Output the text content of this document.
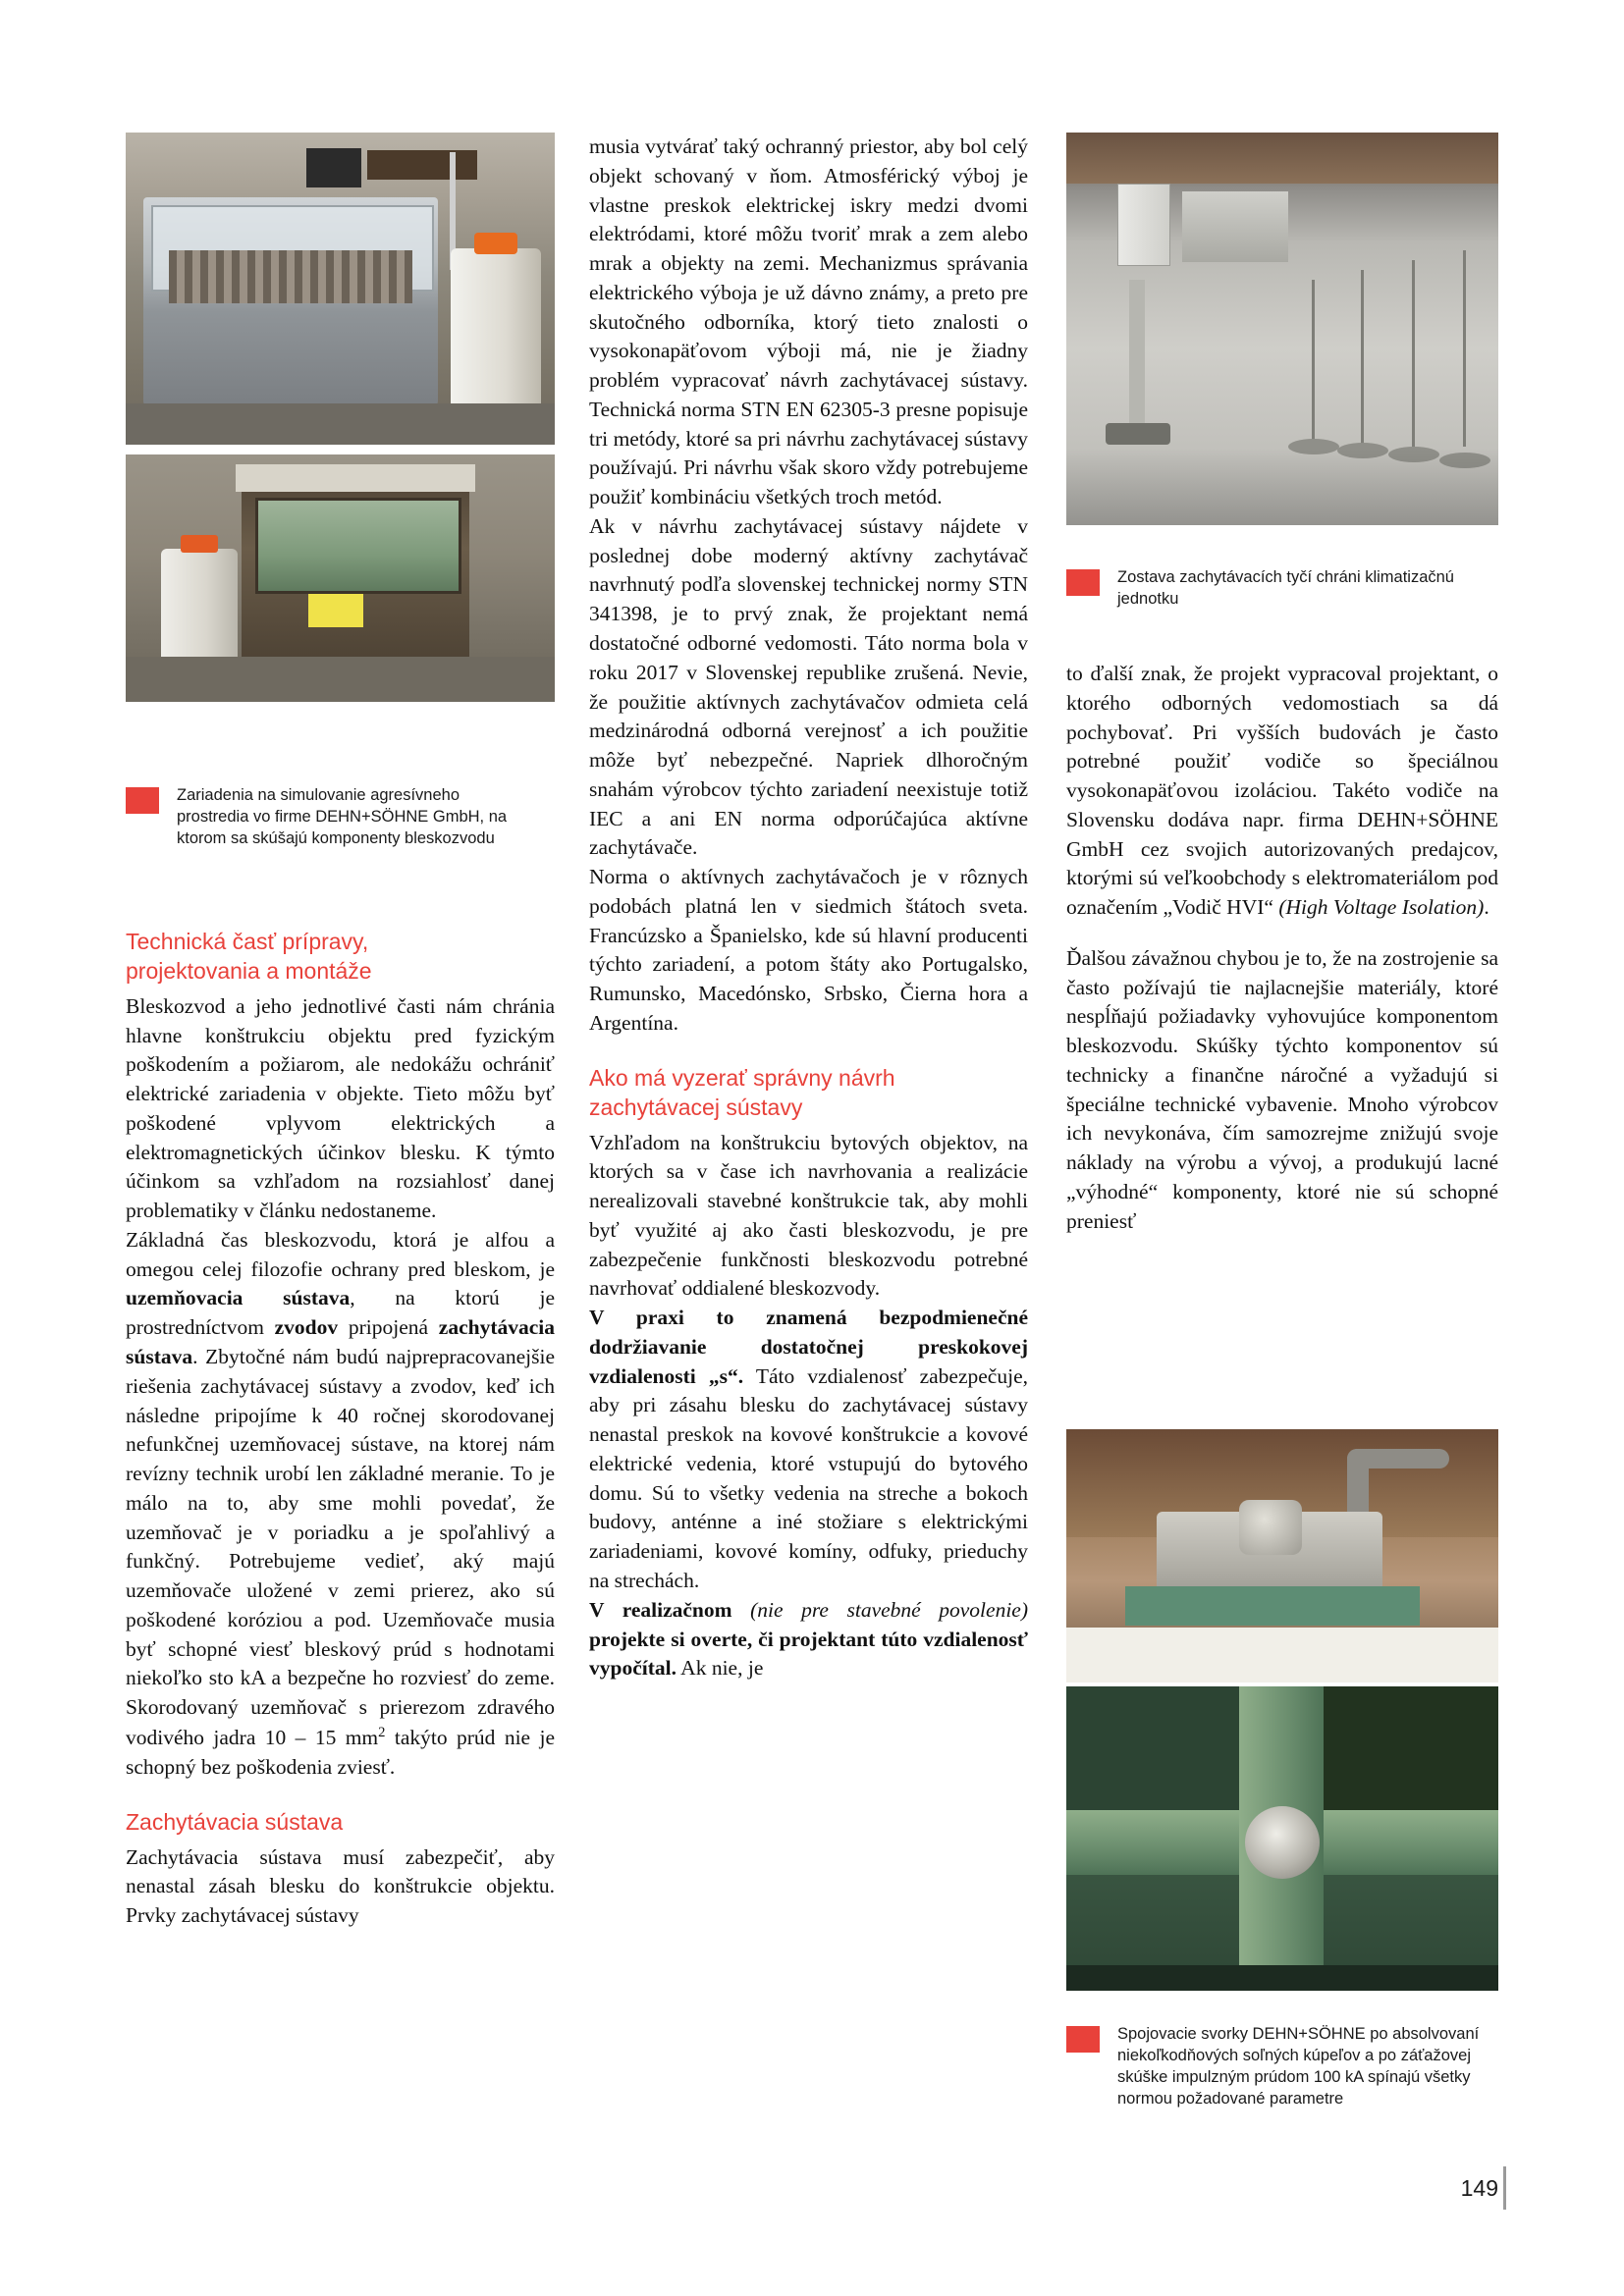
Zariadenia na simulovanie agresívneho prostredia vo firme DEHN+SÖHNE GmbH, na ktorom sa skúšajú komponenty bleskozvodu
Zostava zachytávacích tyčí chráni klimatizačnú jednotku
Spojovacie svorky DEHN+SÖHNE po absolvovaní niekoľkodňových soľných kúpeľov a po záťažovej skúške impulzným prúdom 100 kA spínajú všetky normou požadované parametre
Technická časť prípravy,
projektovania a montáže

Bleskozvod a jeho jednotlivé časti nám chránia hlavne konštrukciu objektu pred fyzickým poškodením a požiarom, ale nedokážu ochrániť elektrické zariadenia v objekte. Tieto môžu byť poškodené vplyvom elektrických a elektromagnetických účinkov blesku. K týmto účinkom sa vzhľadom na rozsiahlosť danej problematiky v článku nedostaneme.

Základná čas bleskozvodu, ktorá je alfou a omegou celej filozofie ochrany pred bleskom, je uzemňovacia sústava, na ktorú je prostredníctvom zvodov pripojená zachytávacia sústava. Zbytočné nám budú najprepracovanejšie riešenia zachytávacej sústavy a zvodov, keď ich následne pripojíme k 40 ročnej skorodovanej nefunkčnej uzemňovacej sústave, na ktorej nám revízny technik urobí len základné meranie. To je málo na to, aby sme mohli povedať, že uzemňovač je v poriadku a je spoľahlivý a funkčný. Potrebujeme vedieť, aký majú uzemňovače uložené v zemi prierez, ako sú poškodené koróziou a pod. Uzemňovače musia byť schopné viesť bleskový prúd s hodnotami niekoľko sto kA a bezpečne ho rozviesť do zeme. Skorodovaný uzemňovač s prierezom zdravého vodivého jadra 10 – 15 $mm^2$ takýto prúd nie je schopný bez poškodenia zviesť.

Zachytávacia sústava

Zachytávacia sústava musí zabezpečiť, aby nenastal zásah blesku do konštrukcie objektu. Prvky zachytávacej sústavy

musia vytvárať taký ochranný priestor, aby bol celý objekt schovaný v ňom. Atmosférický výboj je vlastne preskok elektrickej iskry medzi dvomi elektródami, ktoré môžu tvoriť mrak a zem alebo mrak a objekty na zemi. Mechanizmus správania elektrického výboja je už dávno známy, a preto pre skutočného odborníka, ktorý tieto znalosti o vysokonapäťovom výboji má, nie je žiadny problém vypracovať návrh zachytávacej sústavy. Technická norma STN EN 62305-3 presne popisuje tri metódy, ktoré sa pri návrhu zachytávacej sústavy používajú. Pri návrhu však skoro vždy potrebujeme použiť kombináciu všetkých troch metód.

Ak v návrhu zachytávacej sústavy nájdete v poslednej dobe moderný aktívny zachytávač navrhnutý podľa slovenskej technickej normy STN 341398, je to prvý znak, že projektant nemá dostatočné odborné vedomosti. Táto norma bola v roku 2017 v Slovenskej republike zrušená. Nevie, že použitie aktívnych zachytávačov odmieta celá medzinárodná odborná verejnosť a ich použitie môže byť nebezpečné. Napriek dlhoročným snahám výrobcov týchto zariadení neexistuje totiž IEC a ani EN norma odporúčajúca aktívne zachytávače.

Norma o aktívnych zachytávačoch je v rôznych podobách platná len v siedmich štátoch sveta. Francúzsko a Španielsko, kde sú hlavní producenti týchto zariadení, a potom štáty ako Portugalsko, Rumunsko, Macedónsko, Srbsko, Čierna hora a Argentína.

Ako má vyzerať správny návrh
zachytávacej sústavy

Vzhľadom na konštrukciu bytových objektov, na ktorých sa v čase ich navrhovania a realizácie nerealizovali stavebné konštrukcie tak, aby mohli byť využité aj ako časti bleskozvodu, je pre zabezpečenie funkčnosti bleskozvodu potrebné navrhovať oddialené bleskozvody.

V praxi to znamená bezpodmienečné dodržiavanie dostatočnej preskokovej vzdialenosti „s“. Táto vzdialenosť zabezpečuje, aby pri zásahu blesku do zachytávacej sústavy nenastal preskok na kovové konštrukcie a kovové elektrické vedenia, ktoré vstupujú do bytového domu. Sú to všetky vedenia na streche a bokoch budovy, anténne a iné stožiare s elektrickými zariadeniami, kovové komíny, odfuky, prieduchy na strechách.

V realizačnom (nie pre stavebné povolenie) projekte si overte, či projektant túto vzdialenosť vypočítal. Ak nie, je

to ďalší znak, že projekt vypracoval projektant, o ktorého odborných vedomostiach sa dá pochybovať. Pri vyšších budovách je často potrebné použiť vodiče so špeciálnou vysokonapäťovou izoláciou. Takéto vodiče na Slovensku dodáva napr. firma DEHN+SÖHNE GmbH cez svojich autorizovaných predajcov, ktorými sú veľkoobchody s elektromateriálom pod označením „Vodič HVI“ (High Voltage Isolation).

Ďalšou závažnou chybou je to, že na zostrojenie sa často požívajú tie najlacnejšie materiály, ktoré nespĺňajú požiadavky vyhovujúce komponentom bleskozvodu. Skúšky týchto komponentov sú technicky a finančne náročné a vyžadujú si špeciálne technické vybavenie. Mnoho výrobcov ich nevykonáva, čím samozrejme znižujú svoje náklady na výrobu a vývoj, a produkujú lacné „výhodné“ komponenty, ktoré nie sú schopné preniesť

149
